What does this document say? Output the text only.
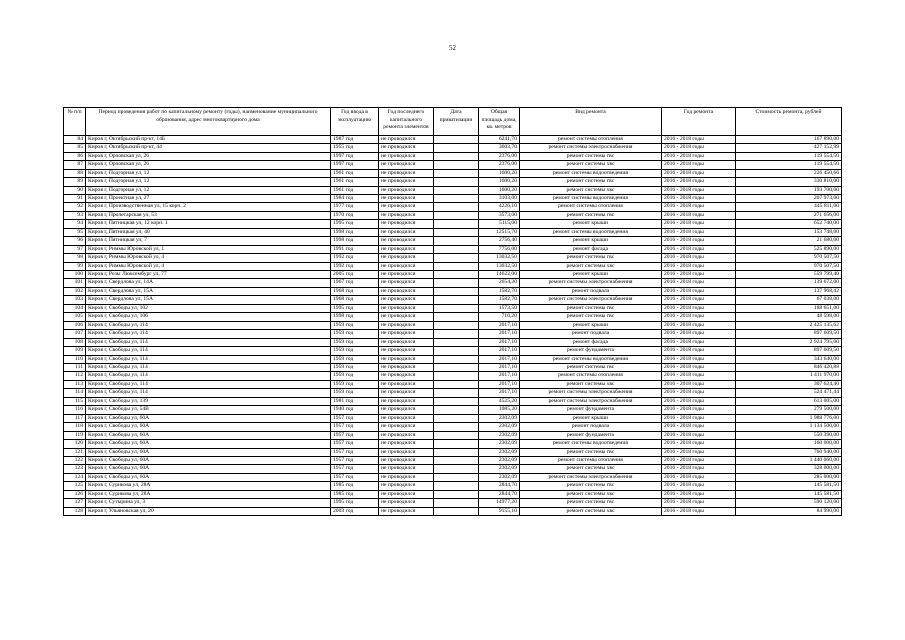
52
№ п/п	Период проведения работ по капитальному ремонту (годы), наименование муниципального образования, адрес многоквартирного дома	Год ввода в эксплуатацию	Год последнего капитального ремонта элементов	Дата приватизации	Общая площадь дома, кв. метров	Вид ремонта	Год ремонта	Стоимость ремонта, рублей
84	Киров г, Октябрьский пр-кт, 14Б	1987 год	не проводился		6241,70	ремонт системы отопления	2016 - 2018 годы	167 890,00
85	Киров г, Октябрьский пр-кт, 44	1955 год	не проводился		3603,70	ремонт системы электроснабжения	2016 - 2018 годы	427 152,99
86	Киров г, Орловская ул, 26	1997 год	не проводился		2376,00	ремонт системы гвс	2016 - 2018 годы	119 554,50
87	Киров г, Орловская ул, 26	1997 год	не проводился		2376,00	ремонт системы хвс	2016 - 2018 годы	119 554,50
88	Киров г, Подгорная ул, 12	1961 год	не проводился		1600,20	ремонт системы водоотведения	2016 - 2018 годы	226 450,66
89	Киров г, Подгорная ул, 12	1961 год	не проводился		1600,20	ремонт системы гвс	2016 - 2018 годы	330 810,00
90	Киров г, Подгорная ул, 12	1961 год	не проводился		1600,20	ремонт системы хвс	2016 - 2018 годы	193 700,00
91	Киров г, Проектная ул, 27	1984 год	не проводился		3103,00	ремонт системы водоотведения	2016 - 2018 годы	207 973,00
92	Киров г, Производственная ул, 15 корп. 2	1977 год	не проводился		4226,10	ремонт системы отопления	2016 - 2018 годы	445 811,00
93	Киров г, Пролетарская ул, 53	1970 год	не проводился		3573,00	ремонт системы гвс	2016 - 2018 годы	271 656,00
94	Киров г, Пятницкая ул, 12 корп. 1	1995 год	не проводился		5115,00	ремонт крыши	2016 - 2018 годы	652 740,00
95	Киров г, Пятницкая ул, 40	1998 год	не проводился		12515,70	ремонт системы водоотведения	2016 - 2018 годы	153 748,00
96	Киров г, Пятницкая ул, 7	1998 год	не проводился		2756,40	ремонт крыши	2016 - 2018 годы	21 680,00
97	Киров г, Риммы Юровской ул, 1	1991 год	не проводился		7756,00	ремонт фасада	2016 - 2018 годы	525 890,00
98	Киров г, Риммы Юровской ул, 4	1992 год	не проводился		13032,50	ремонт системы гвс	2016 - 2018 годы	970 507,50
99	Киров г, Риммы Юровской ул, 4	1992 год	не проводился		13032,50	ремонт системы хвс	2016 - 2018 годы	970 507,50
100	Киров г, Розы Люксембург ул, 77	2005 год	не проводился		14622,00	ремонт крыши	2016 - 2018 годы	559 799,40
101	Киров г, Свердлова ул, 14А	1967 год	не проводился		2654,20	ремонт системы электроснабжения	2016 - 2018 годы	139 672,00
102	Киров г, Свердлова ул, 15А	1968 год	не проводился		1582,70	ремонт подвала	2016 - 2018 годы	137 968,42
103	Киров г, Свердлова ул, 15А	1968 год	не проводился		1582,70	ремонт системы электроснабжения	2016 - 2018 годы	67 038,00
104	Киров г, Свободы ул, 102	1995 год	не проводился		1573,50	ремонт системы гвс	2016 - 2018 годы	188 651,00
105	Киров г, Свободы ул, 106	1998 год	не проводился		710,20	ремонт системы гвс	2016 - 2018 годы	48 598,00
106	Киров г, Свободы ул, 114	1959 год	не проводился		2017,10	ремонт крыши	2016 - 2018 годы	2 425 135,62
107	Киров г, Свободы ул, 114	1959 год	не проводился		2017,10	ремонт подвала	2016 - 2018 годы	897 609,50
108	Киров г, Свободы ул, 114	1959 год	не проводился		2017,10	ремонт фасада	2016 - 2018 годы	2 924 795,00
109	Киров г, Свободы ул, 114	1959 год	не проводился		2017,10	ремонт фундамента	2016 - 2018 годы	897 609,50
110	Киров г, Свободы ул, 114	1959 год	не проводился		2017,10	ремонт системы водоотведения	2016 - 2018 годы	343 640,00
111	Киров г, Свободы ул, 114	1959 год	не проводился		2017,10	ремонт системы гвс	2016 - 2018 годы	846 420,88
112	Киров г, Свободы ул, 114	1959 год	не проводился		2017,10	ремонт системы отопления	2016 - 2018 годы	1 411 970,00
113	Киров г, Свободы ул, 114	1959 год	не проводился		2017,10	ремонт системы хвс	2016 - 2018 годы	307 624,40
114	Киров г, Свободы ул, 114	1959 год	не проводился		2017,10	ремонт системы электроснабжения	2016 - 2018 годы	524 471,44
115	Киров г, Свободы ул, 139	1981 год	не проводился		4525,20	ремонт системы электроснабжения	2016 - 2018 годы	613 005,00
116	Киров г, Свободы ул, 54В	1940 год	не проводился		1085,20	ремонт фундамента	2016 - 2018 годы	279 500,00
117	Киров г, Свободы ул, 60А	1957 год	не проводился		2302,09	ремонт крыши	2016 - 2018 годы	1 988 776,00
118	Киров г, Свободы ул, 60А	1957 год	не проводился		2302,09	ремонт подвала	2016 - 2018 годы	1 134 500,00
119	Киров г, Свободы ул, 60А	1957 год	не проводился		2302,09	ремонт фундамента	2016 - 2018 годы	550 390,00
120	Киров г, Свободы ул, 60А	1957 год	не проводился		2302,09	ремонт системы водоотведения	2016 - 2018 годы	160 000,00
121	Киров г, Свободы ул, 60А	1957 год	не проводился		2302,09	ремонт системы гвс	2016 - 2018 годы	760 940,00
122	Киров г, Свободы ул, 60А	1957 год	не проводился		2302,09	ремонт системы отопления	2016 - 2018 годы	1 440 060,00
123	Киров г, Свободы ул, 60А	1957 год	не проводился		2302,09	ремонт системы хвс	2016 - 2018 годы	328 000,00
124	Киров г, Свободы ул, 60А	1957 год	не проводился		2302,09	ремонт системы электроснабжения	2016 - 2018 годы	285 000,00
125	Киров г, Сурикова ул, 28А	1985 год	не проводился		2844,70	ремонт системы гвс	2016 - 2018 годы	145 581,50
126	Киров г, Сурикова ул, 28А	1985 год	не проводился		2844,70	ремонт системы хвс	2016 - 2018 годы	145 581,50
127	Киров г, Сутырина ул, 3	1995 год	не проводился		14977,20	ремонт системы гвс	2016 - 2018 годы	590 120,00
128	Киров г, Ульяновская ул, 20	2003 год	не проводился		9155,10	ремонт системы хвс	2016 - 2018 годы	84 990,00
